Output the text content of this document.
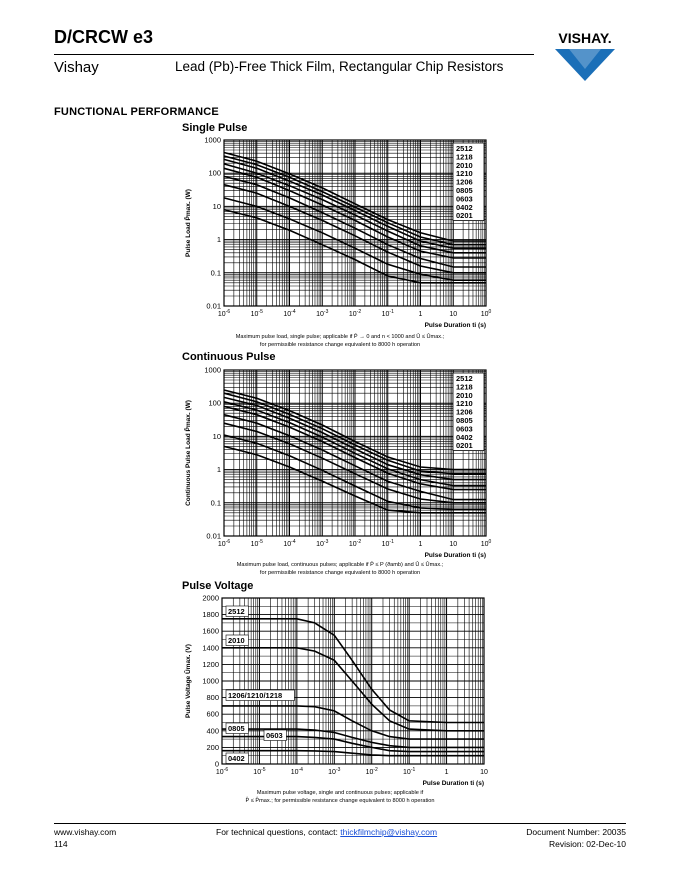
D/CRCW e3
Vishay	Lead (Pb)-Free Thick Film, Rectangular Chip Resistors
VISHAY.
FUNCTIONAL PERFORMANCE
Single Pulse
$10^{-6}$	$10^{-5}$	$10^{-4}$	$10^{-3}$	$10^{-2}$	$10^{-1}$	1	10	$10^0$
0.01
0.1
1
10
100
1000
Pulse Duration ti (s)
Pulse Load P̂max. (W)
2512
1218
2010
1210
1206
0805
0603
0402
0201
Maximum pulse load, single pulse; applicable if P̄ → 0 and n < 1000 and Û ≤ Ûmax.;
for permissible resistance change equivalent to 8000 h operation
Continuous Pulse
$10^{-6}$	$10^{-5}$	$10^{-4}$	$10^{-3}$	$10^{-2}$	$10^{-1}$	1	10	$10^0$
0.01
0.1
1
10
100
1000
Pulse Duration ti (s)
Continuous Pulse Load P̂max. (W)
2512
1218
2010
1210
1206
0805
0603
0402
0201
Maximum pulse load, continuous pulses; applicable if P̄ ≤ P (ϑamb) and Û ≤ Ûmax.;
for permissible resistance change equivalent to 8000 h operation
Pulse Voltage
$10^{-6}$	$10^{-5}$	$10^{-4}$	$10^{-3}$	$10^{-2}$	$10^{-1}$	1	10
0
200
400
600
800
1000
1200
1400
1600
1800
2000
Pulse Duration ti (s)
Pulse Voltage Ûmax. (V)
2512
2010
1206/1210/1218
0805
0603
0402
Maximum pulse voltage, single and continuous pulses; applicable if
P̂ ≤ P̂max.; for permissible resistance change equivalent to 8000 h operation
www.vishay.com
114
For technical questions, contact: thickfilmchip@vishay.com	Document Number: 20035
Revision: 02-Dec-10
